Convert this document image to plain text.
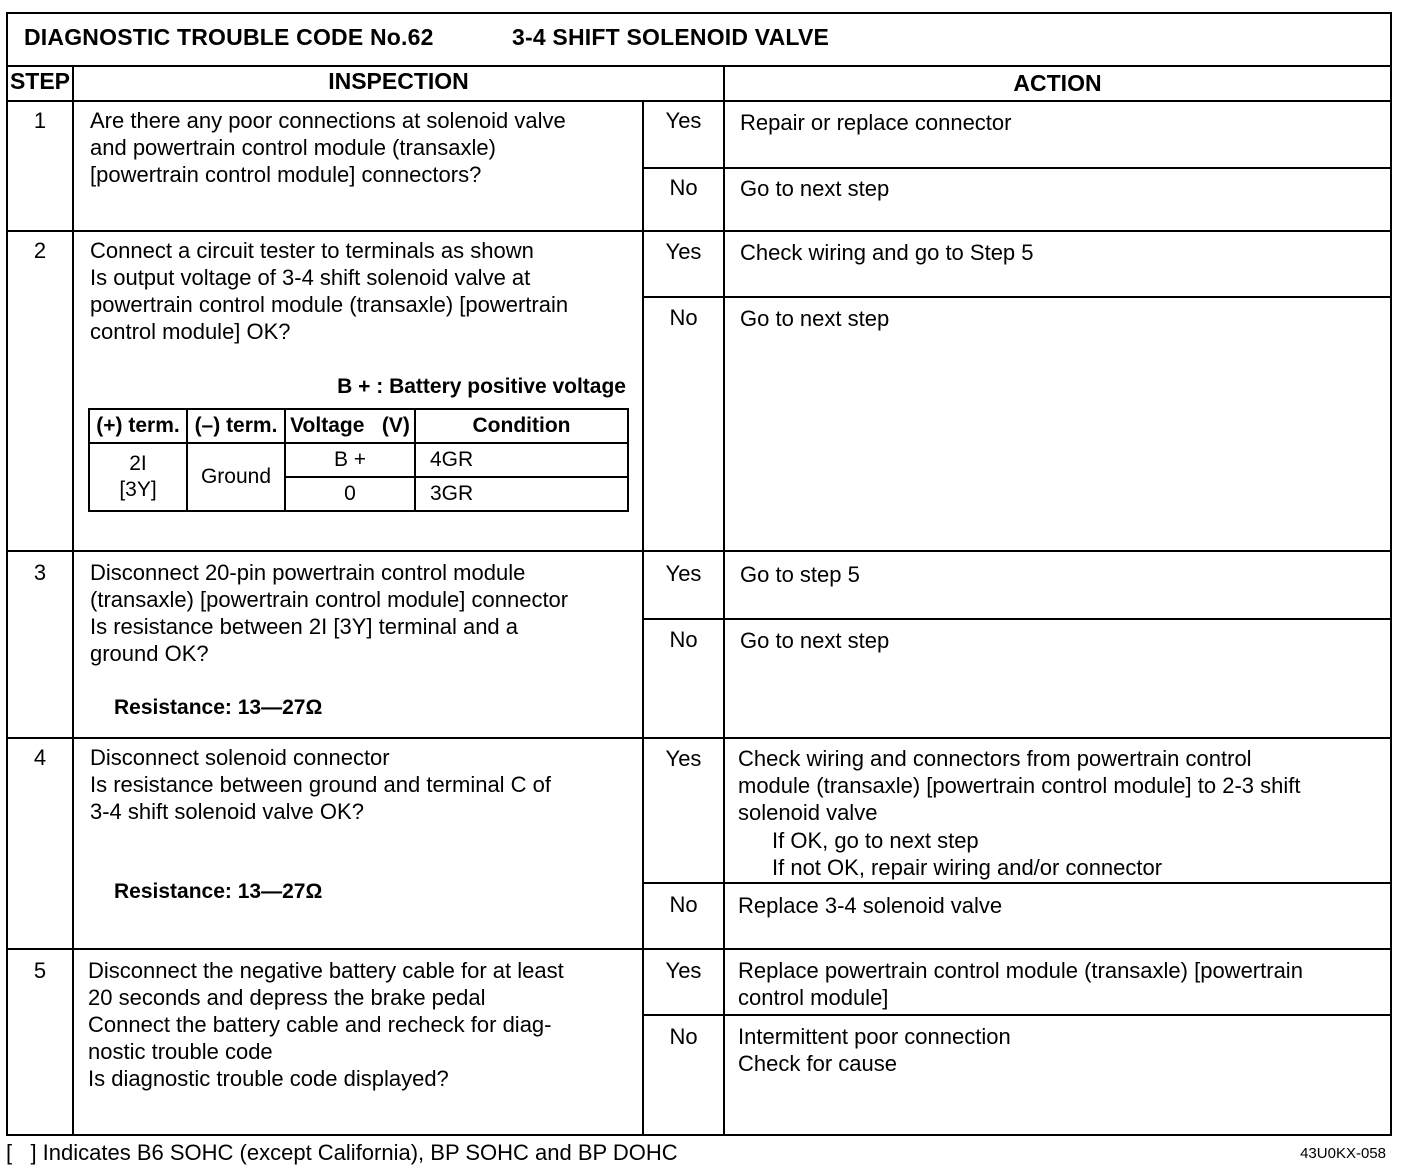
DIAGNOSTIC TROUBLE CODE No.62	3-4 SHIFT SOLENOID VALVE
STEP	INSPECTION	ACTION
1	Are there any poor connections at solenoid valve
and powertrain control module (transaxle)
[powertrain control module] connectors?
Yes	Repair or replace connector
No	Go to next step
2	Connect a circuit tester to terminals as shown
Is output voltage of 3-4 shift solenoid valve at
powertrain control module (transaxle) [powertrain
control module] OK?
B + : Battery positive voltage
(+) term.	(–) term.	Voltage   (V)	Condition
2I
[3Y]	Ground	B +	4GR
		0	3GR
Yes	Check wiring and go to Step 5
No	Go to next step
3	Disconnect 20-pin powertrain control module
(transaxle) [powertrain control module] connector
Is resistance between 2I [3Y] terminal and a
ground OK?
Resistance: 13—27Ω
Yes	Go to step 5
No	Go to next step
4	Disconnect solenoid connector
Is resistance between ground and terminal C of
3-4 shift solenoid valve OK?
Resistance: 13—27Ω
Yes	Check wiring and connectors from powertrain control
module (transaxle) [powertrain control module] to 2-3 shift
solenoid valve
If OK, go to next step
If not OK, repair wiring and/or connector
No	Replace 3-4 solenoid valve
5	Disconnect the negative battery cable for at least
20 seconds and depress the brake pedal
Connect the battery cable and recheck for diag-
nostic trouble code
Is diagnostic trouble code displayed?
Yes	Replace powertrain control module (transaxle) [powertrain
control module]
No	Intermittent poor connection
Check for cause
[   ] Indicates B6 SOHC (except California), BP SOHC and BP DOHC	43U0KX-058
